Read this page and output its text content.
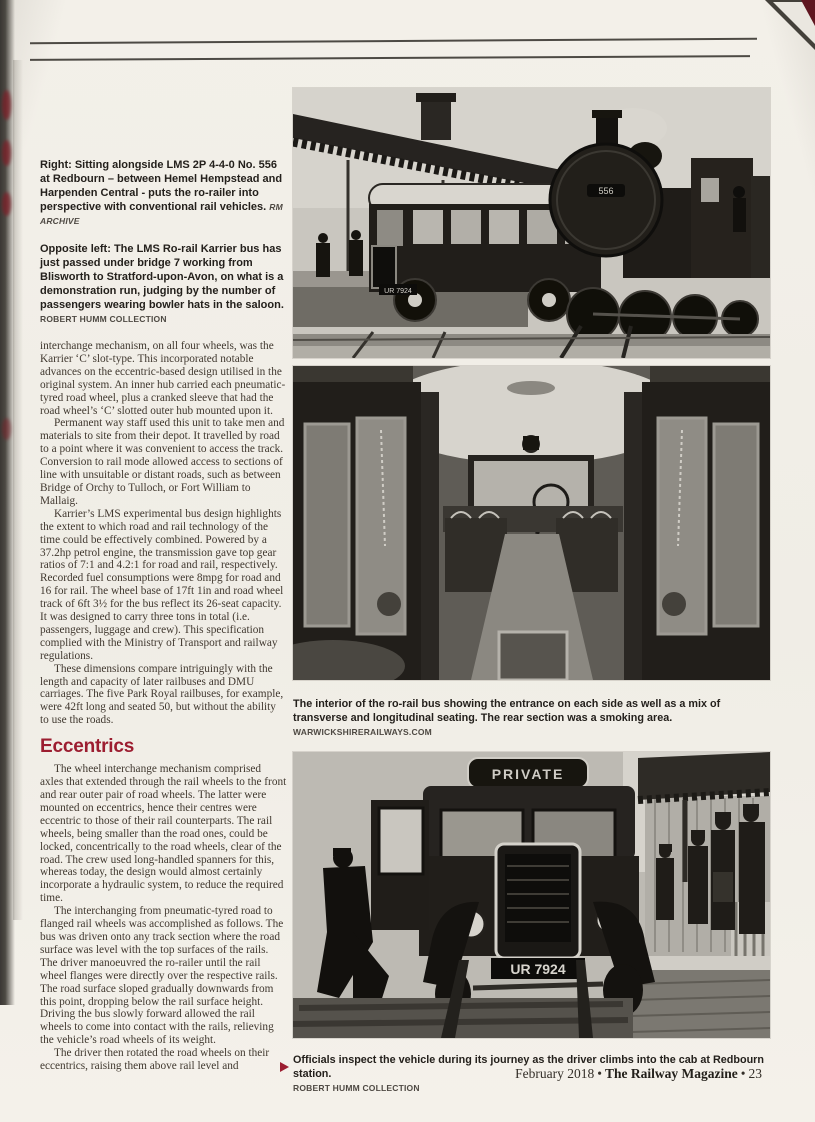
Right: Sitting alongside LMS 2P 4-4-0 No. 556 at Redbourn – between Hemel Hempstead and Harpenden Central - puts the ro-railer into perspective with conventional rail vehicles. RM ARCHIVE

Opposite left: The LMS Ro-rail Karrier bus has just passed under bridge 7 working from Blisworth to Stratford-upon-Avon, on what is a demonstration run, judging by the number of passengers wearing bowler hats in the saloon. ROBERT HUMM COLLECTION

interchange mechanism, on all four wheels, was the Karrier ‘C’ slot-type. This incorporated notable advances on the eccentric-based design utilised in the original system. An inner hub carried each pneumatic-tyred road wheel, plus a cranked sleeve that had the road wheel’s ‘C’ slotted outer hub mounted upon it.

Permanent way staff used this unit to take men and materials to site from their depot. It travelled by road to a point where it was convenient to access the track. Conversion to rail mode allowed access to sections of line with unsuitable or distant roads, such as between Bridge of Orchy to Tulloch, or Fort William to Mallaig.

Karrier’s LMS experimental bus design highlights the extent to which road and rail technology of the time could be effectively combined. Powered by a 37.2hp petrol engine, the transmission gave top gear ratios of 7:1 and 4.2:1 for road and rail, respectively. Recorded fuel consumptions were 8mpg for road and 16 for rail. The wheel base of 17ft 1in and road wheel track of 6ft 3½ for the bus reflect its 26-seat capacity. It was designed to carry three tons in total (i.e. passengers, luggage and crew). This specification complied with the Ministry of Transport and railway regulations.

These dimensions compare intriguingly with the length and capacity of later railbuses and DMU carriages. The five Park Royal railbuses, for example, were 42ft long and seated 50, but without the ability to use the roads.

Eccentrics

The wheel interchange mechanism comprised axles that extended through the rail wheels to the front and rear outer pair of road wheels. The latter were mounted on eccentrics, hence their centres were eccentric to those of their rail counterparts. The rail wheels, being smaller than the road ones, could be locked, concentrically to the road wheels, clear of the road. The crew used long-handled spanners for this, whereas today, the design would almost certainly incorporate a hydraulic system, to reduce the required time.

The interchanging from pneumatic-tyred road to flanged rail wheels was accomplished as follows. The bus was driven onto any track section where the road surface was level with the top surfaces of the rails. The driver manoeuvred the ro-railer until the rail wheel flanges were directly over the respective rails. The road surface sloped gradually downwards from this point, dropping below the rail surface height. Driving the bus slowly forward allowed the rail wheels to come into contact with the rails, relieving the vehicle’s road wheels of its weight.

The driver then rotated the road wheels on their eccentrics, raising them above rail level and

UR 7924
556

The interior of the ro-rail bus showing the entrance on each side as well as a mix of transverse and longitudinal seating. The rear section was a smoking area. WARWICKSHIRERAILWAYS.COM

PRIVATE
UR 7924

Officials inspect the vehicle during its journey as the driver climbs into the cab at Redbourn station.
ROBERT HUMM COLLECTION

February 2018 • The Railway Magazine • 23
